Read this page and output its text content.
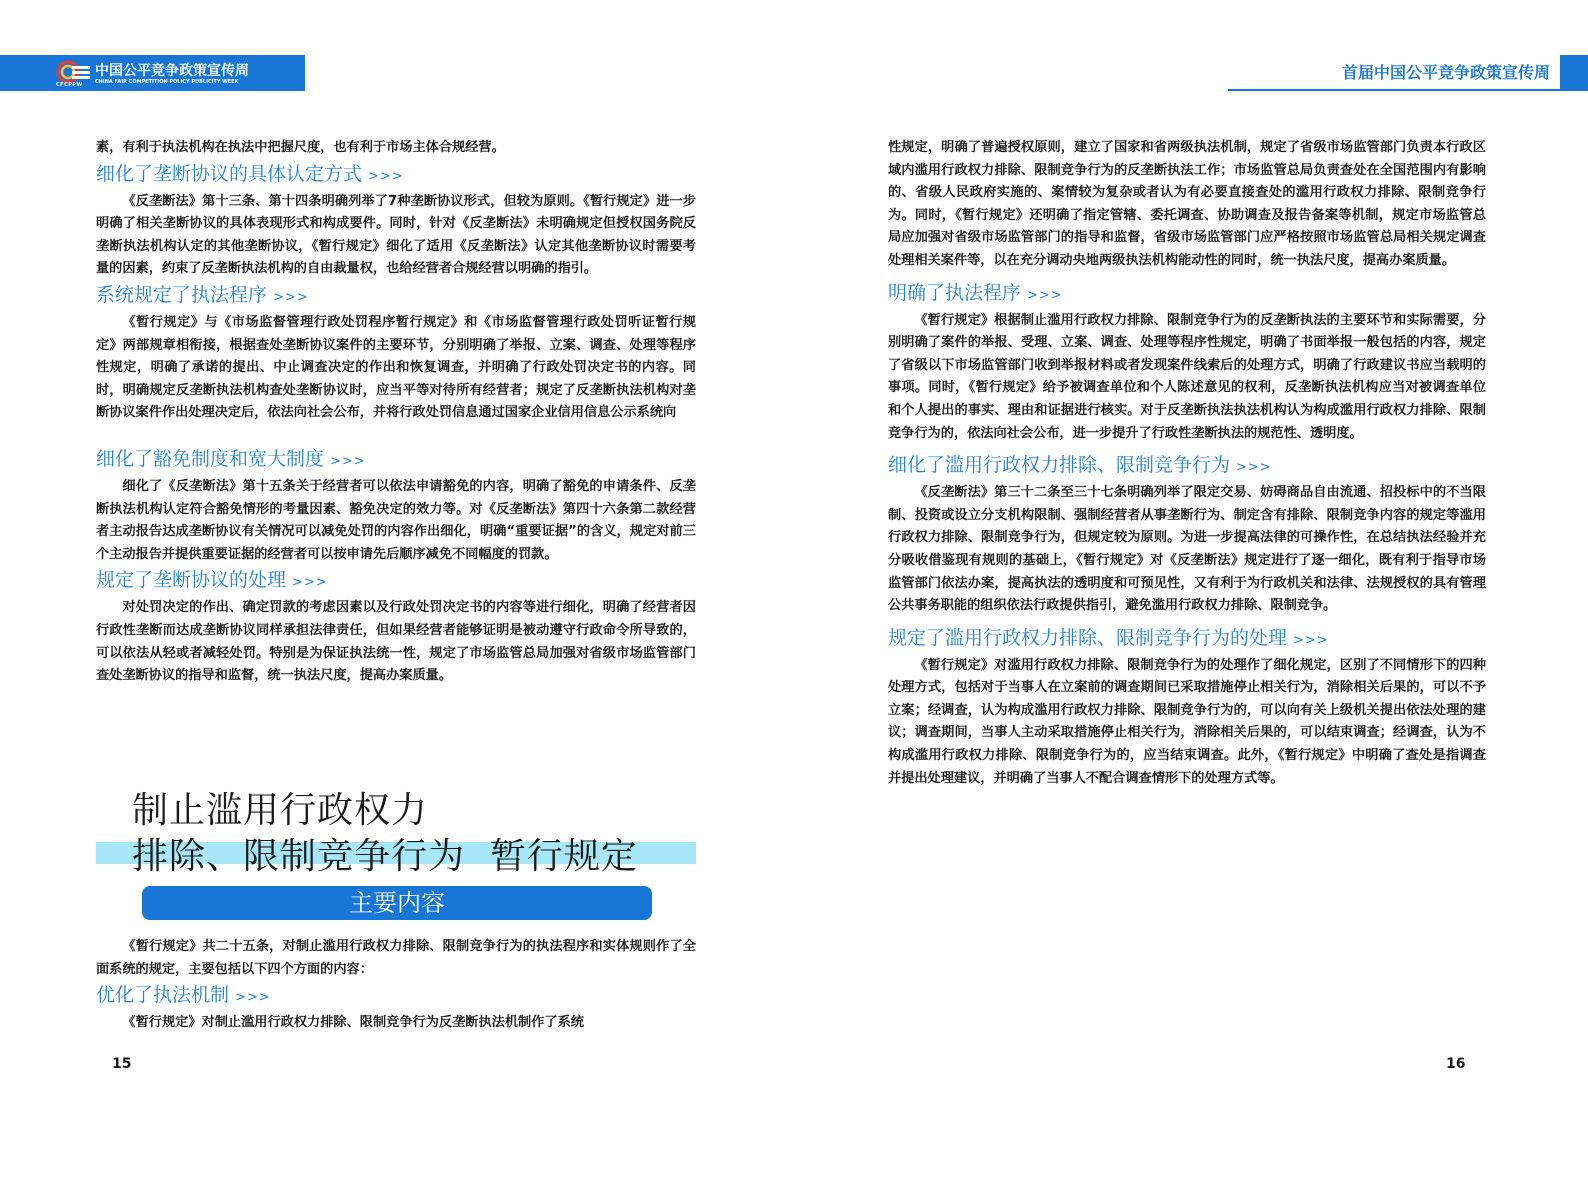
CFCPPW
中国公平竞争政策宣传周
CHINA FAIR COMPETITION POLICY PUBLICITY WEEK	首届中国公平竞争政策宣传周

素，有利于执法机构在执法中把握尺度，也有利于市场主体合规经营。

细化了垄断协议的具体认定方式 >>>

《反垄断法》第十三条、第十四条明确列举了7种垄断协议形式，但较为原则。《暂行规定》进一步明确了相关垄断协议的具体表现形式和构成要件。同时，针对《反垄断法》未明确规定但授权国务院反垄断执法机构认定的其他垄断协议，《暂行规定》细化了适用《反垄断法》认定其他垄断协议时需要考量的因素，约束了反垄断执法机构的自由裁量权，也给经营者合规经营以明确的指引。

系统规定了执法程序 >>>

《暂行规定》与《市场监督管理行政处罚程序暂行规定》和《市场监督管理行政处罚听证暂行规定》两部规章相衔接，根据查处垄断协议案件的主要环节，分别明确了举报、立案、调查、处理等程序性规定，明确了承诺的提出、中止调查决定的作出和恢复调查，并明确了行政处罚决定书的内容。同时，明确规定反垄断执法机构查处垄断协议时，应当平等对待所有经营者；规定了反垄断执法机构对垄断协议案件作出处理决定后，依法向社会公布，并将行政处罚信息通过国家企业信用信息公示系统向

细化了豁免制度和宽大制度 >>>

细化了《反垄断法》第十五条关于经营者可以依法申请豁免的内容，明确了豁免的申请条件、反垄断执法机构认定符合豁免情形的考量因素、豁免决定的效力等。对《反垄断法》第四十六条第二款经营者主动报告达成垄断协议有关情况可以减免处罚的内容作出细化，明确“重要证据”的含义，规定对前三个主动报告并提供重要证据的经营者可以按申请先后顺序减免不同幅度的罚款。

规定了垄断协议的处理 >>>

对处罚决定的作出、确定罚款的考虑因素以及行政处罚决定书的内容等进行细化，明确了经营者因行政性垄断而达成垄断协议同样承担法律责任，但如果经营者能够证明是被动遵守行政命令所导致的，可以依法从轻或者减轻处罚。特别是为保证执法统一性，规定了市场监管总局加强对省级市场监管部门查处垄断协议的指导和监督，统一执法尺度，提高办案质量。

制止滥用行政权力
排除、限制竞争行为  暂行规定
主要内容

《暂行规定》共二十五条，对制止滥用行政权力排除、限制竞争行为的执法程序和实体规则作了全面系统的规定，主要包括以下四个方面的内容：

优化了执法机制 >>>

《暂行规定》对制止滥用行政权力排除、限制竞争行为反垄断执法机制作了系统

15

性规定，明确了普遍授权原则，建立了国家和省两级执法机制，规定了省级市场监管部门负责本行政区域内滥用行政权力排除、限制竞争行为的反垄断执法工作；市场监管总局负责查处在全国范围内有影响的、省级人民政府实施的、案情较为复杂或者认为有必要直接查处的滥用行政权力排除、限制竞争行为。同时，《暂行规定》还明确了指定管辖、委托调查、协助调查及报告备案等机制，规定市场监管总局应加强对省级市场监管部门的指导和监督，省级市场监管部门应严格按照市场监管总局相关规定调查处理相关案件等，以在充分调动央地两级执法机构能动性的同时，统一执法尺度，提高办案质量。

明确了执法程序 >>>

《暂行规定》根据制止滥用行政权力排除、限制竞争行为的反垄断执法的主要环节和实际需要，分别明确了案件的举报、受理、立案、调查、处理等程序性规定，明确了书面举报一般包括的内容，规定了省级以下市场监管部门收到举报材料或者发现案件线索后的处理方式，明确了行政建议书应当载明的事项。同时，《暂行规定》给予被调查单位和个人陈述意见的权利，反垄断执法机构应当对被调查单位和个人提出的事实、理由和证据进行核实。对于反垄断执法执法机构认为构成滥用行政权力排除、限制竞争行为的，依法向社会公布，进一步提升了行政性垄断执法的规范性、透明度。

细化了滥用行政权力排除、限制竞争行为 >>>

《反垄断法》第三十二条至三十七条明确列举了限定交易、妨碍商品自由流通、招投标中的不当限制、投资或设立分支机构限制、强制经营者从事垄断行为、制定含有排除、限制竞争内容的规定等滥用行政权力排除、限制竞争行为，但规定较为原则。为进一步提高法律的可操作性，在总结执法经验并充分吸收借鉴现有规则的基础上，《暂行规定》对《反垄断法》规定进行了逐一细化，既有利于指导市场监管部门依法办案，提高执法的透明度和可预见性，又有利于为行政机关和法律、法规授权的具有管理公共事务职能的组织依法行政提供指引，避免滥用行政权力排除、限制竞争。

规定了滥用行政权力排除、限制竞争行为的处理 >>>

《暂行规定》对滥用行政权力排除、限制竞争行为的处理作了细化规定，区别了不同情形下的四种处理方式，包括对于当事人在立案前的调查期间已采取措施停止相关行为，消除相关后果的，可以不予立案；经调查，认为构成滥用行政权力排除、限制竞争行为的，可以向有关上级机关提出依法处理的建议；调查期间，当事人主动采取措施停止相关行为，消除相关后果的，可以结束调查；经调查，认为不构成滥用行政权力排除、限制竞争行为的，应当结束调查。此外，《暂行规定》中明确了查处是指调查并提出处理建议，并明确了当事人不配合调查情形下的处理方式等。

16
